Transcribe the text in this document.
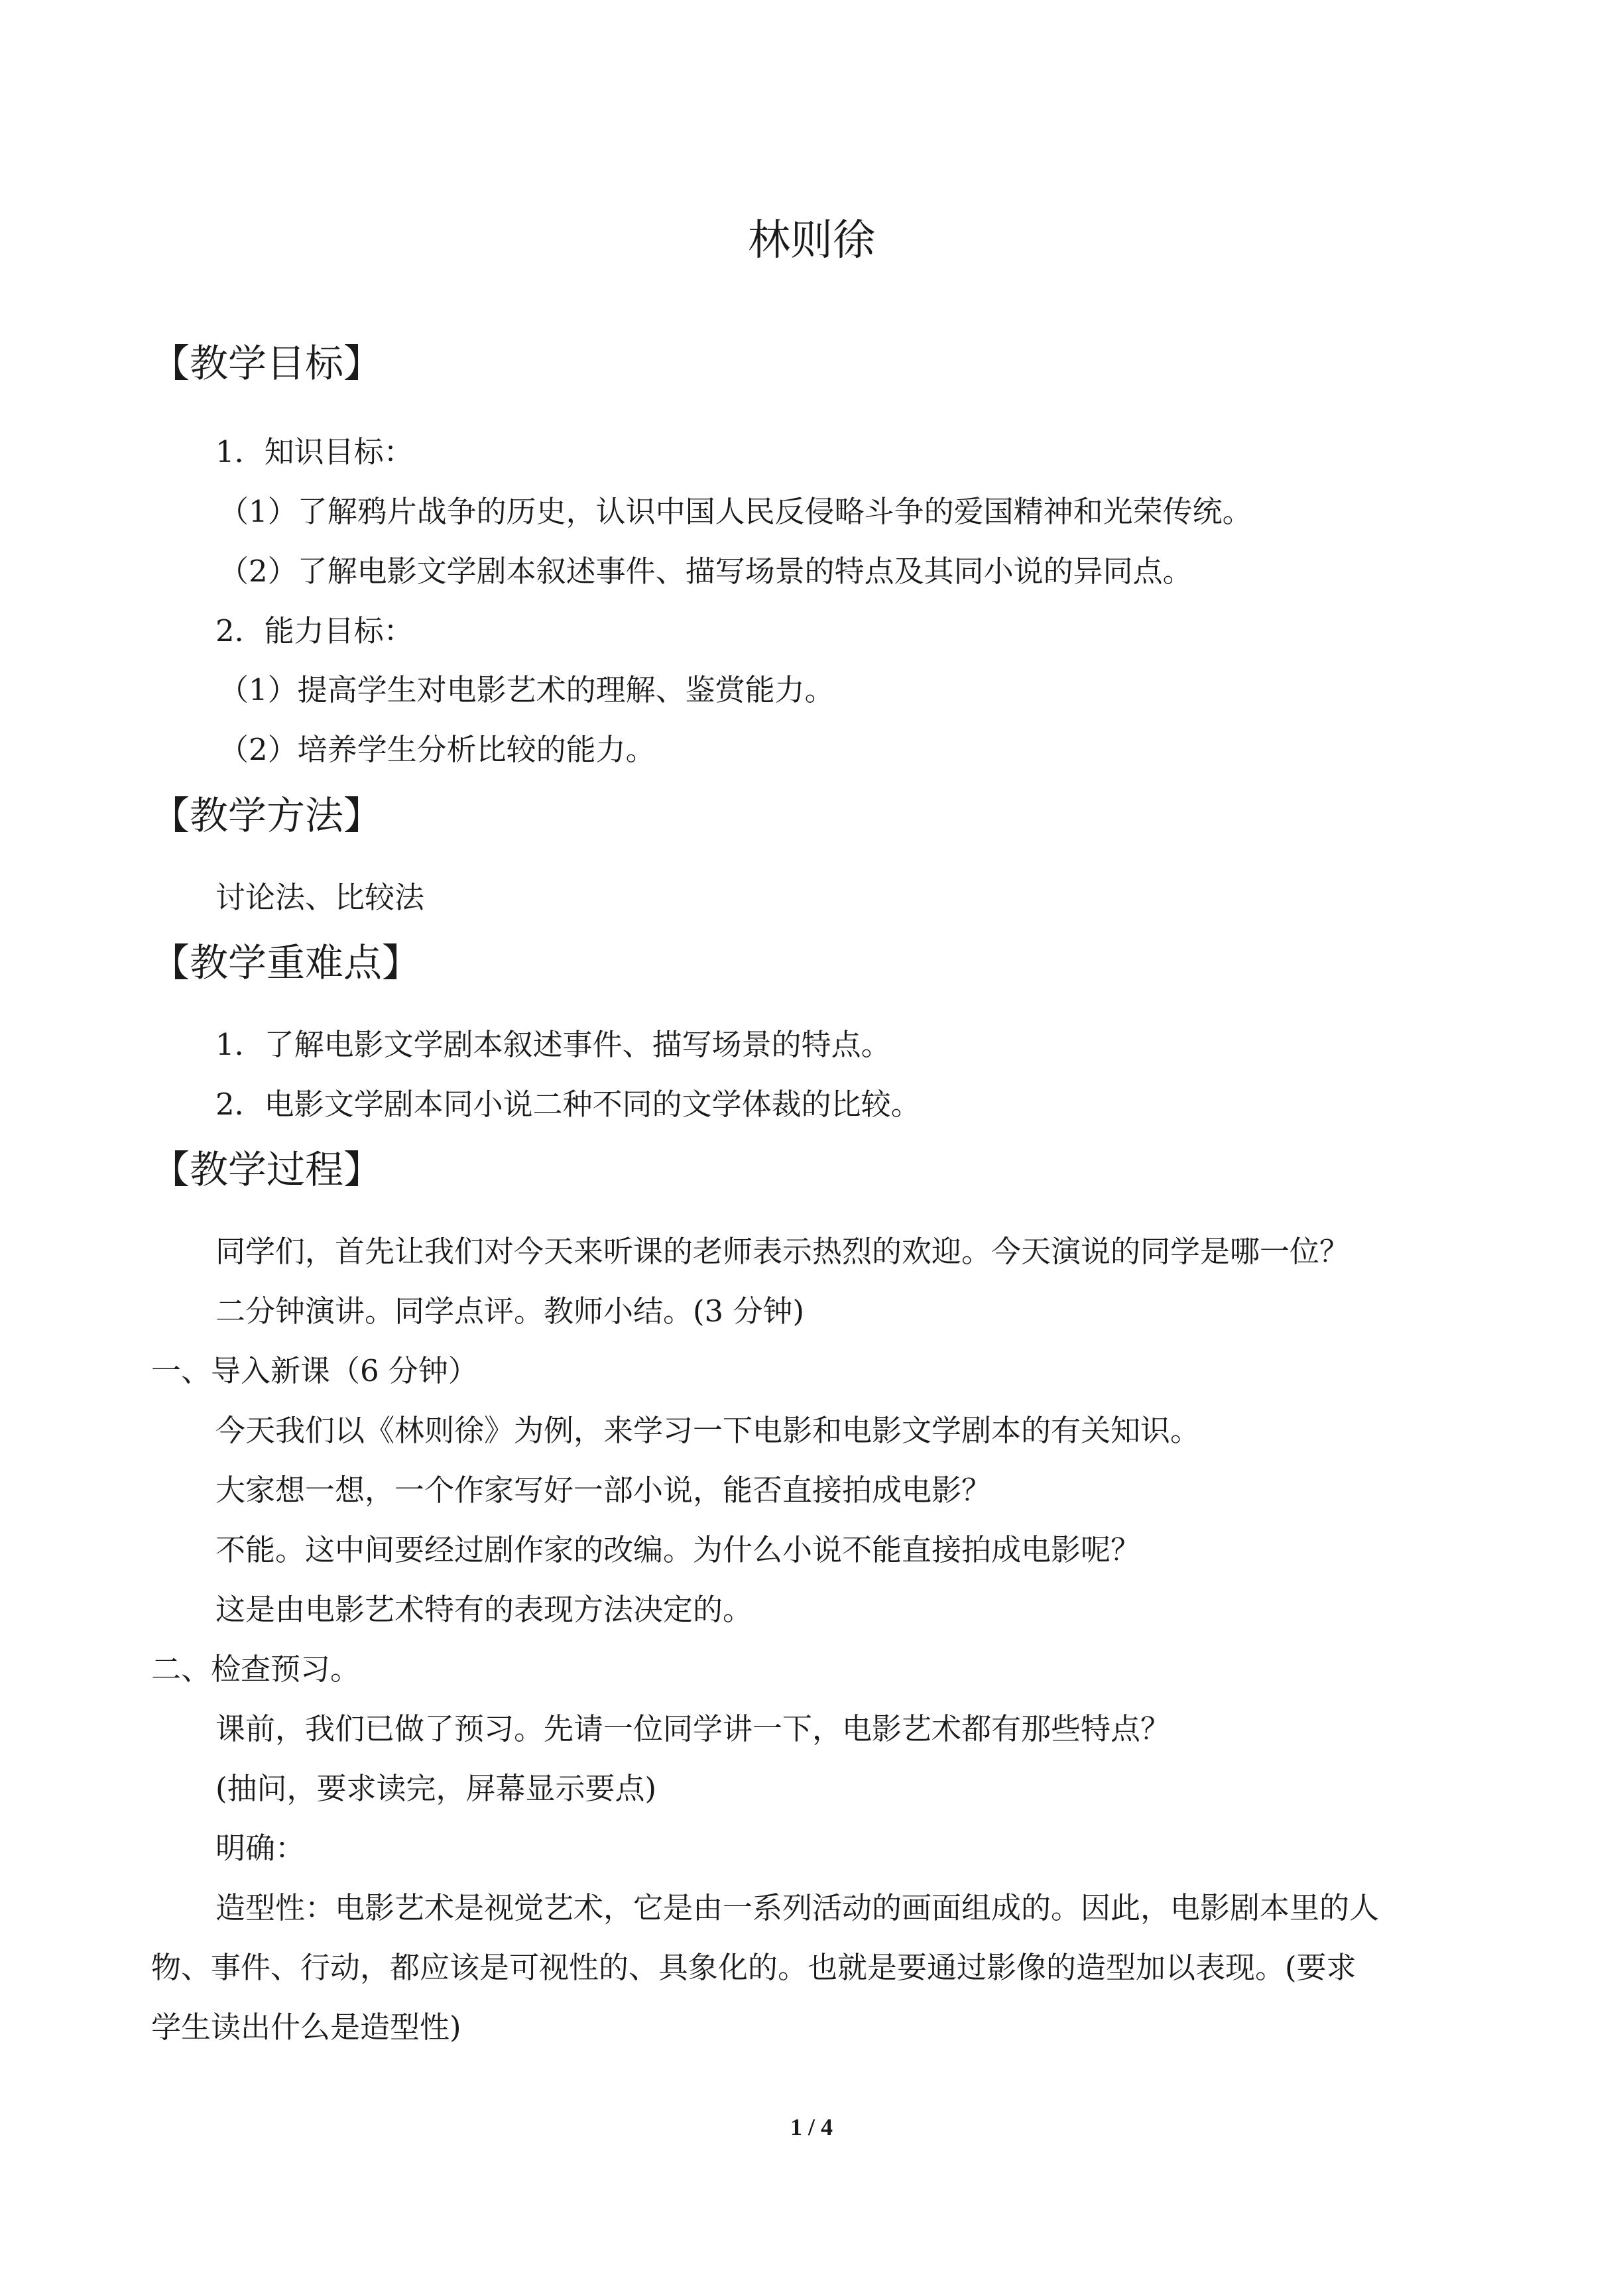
林则徐
【教学目标】
1．知识目标：
（1）了解鸦片战争的历史，认识中国人民反侵略斗争的爱国精神和光荣传统。
（2）了解电影文学剧本叙述事件、描写场景的特点及其同小说的异同点。
2．能力目标：
（1）提高学生对电影艺术的理解、鉴赏能力。
（2）培养学生分析比较的能力。
【教学方法】
讨论法、比较法
【教学重难点】
1．了解电影文学剧本叙述事件、描写场景的特点。
2．电影文学剧本同小说二种不同的文学体裁的比较。
【教学过程】
同学们，首先让我们对今天来听课的老师表示热烈的欢迎。今天演说的同学是哪一位？
二分钟演讲。同学点评。教师小结。(3 分钟)
一、导入新课（6 分钟）
今天我们以《林则徐》为例，来学习一下电影和电影文学剧本的有关知识。
大家想一想，一个作家写好一部小说，能否直接拍成电影？
不能。这中间要经过剧作家的改编。为什么小说不能直接拍成电影呢？
这是由电影艺术特有的表现方法决定的。
二、检查预习。
课前，我们已做了预习。先请一位同学讲一下，电影艺术都有那些特点？
(抽问，要求读完，屏幕显示要点)
明确：
造型性：电影艺术是视觉艺术，它是由一系列活动的画面组成的。因此，电影剧本里的人
物、事件、行动，都应该是可视性的、具象化的。也就是要通过影像的造型加以表现。(要求
学生读出什么是造型性)
1 / 4
